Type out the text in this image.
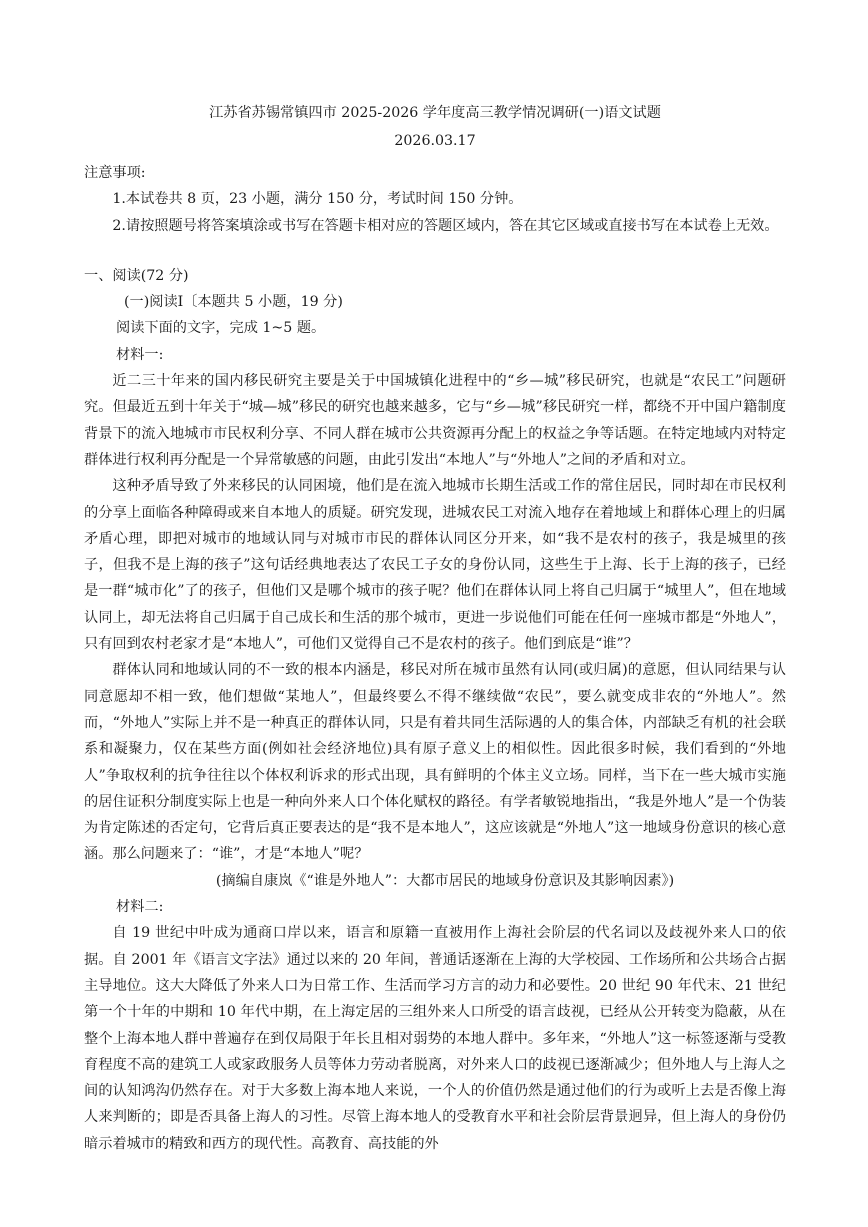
江苏省苏锡常镇四市 2025-2026 学年度高三教学情况调研(一)语文试题

2026.03.17

注意事项:

1.本试卷共 8 页，23 小题，满分 150 分，考试时间 150 分钟。

2.请按照题号将答案填涂或书写在答题卡相对应的答题区域内，答在其它区域或直接书写在本试卷上无效。

一、阅读(72 分)

(一)阅读Ⅰ〔本题共 5 小题，19 分)

阅读下面的文字，完成 1~5 题。

材料一:

近二三十年来的国内移民研究主要是关于中国城镇化进程中的“乡—城”移民研究，也就是“农民工”问题研究。但最近五到十年关于“城—城”移民的研究也越来越多，它与“乡—城”移民研究一样，都绕不开中国户籍制度背景下的流入地城市市民权利分享、不同人群在城市公共资源再分配上的权益之争等话题。在特定地域内对特定群体进行权利再分配是一个异常敏感的问题，由此引发出“本地人”与“外地人”之间的矛盾和对立。

这种矛盾导致了外来移民的认同困境，他们是在流入地城市长期生活或工作的常住居民，同时却在市民权利的分享上面临各种障碍或来自本地人的质疑。研究发现，进城农民工对流入地存在着地域上和群体心理上的归属矛盾心理，即把对城市的地域认同与对城市市民的群体认同区分开来，如“我不是农村的孩子，我是城里的孩子，但我不是上海的孩子”这句话经典地表达了农民工子女的身份认同，这些生于上海、长于上海的孩子，已经是一群“城市化”了的孩子，但他们又是哪个城市的孩子呢？他们在群体认同上将自己归属于“城里人”，但在地域认同上，却无法将自己归属于自己成长和生活的那个城市，更进一步说他们可能在任何一座城市都是“外地人”，只有回到农村老家才是“本地人”，可他们又觉得自己不是农村的孩子。他们到底是“谁”？

群体认同和地域认同的不一致的根本内涵是，移民对所在城市虽然有认同(或归属)的意愿，但认同结果与认同意愿却不相一致，他们想做“某地人”，但最终要么不得不继续做“农民”，要么就变成非农的“外地人”。然而，“外地人”实际上并不是一种真正的群体认同，只是有着共同生活际遇的人的集合体，内部缺乏有机的社会联系和凝聚力，仅在某些方面(例如社会经济地位)具有原子意义上的相似性。因此很多时候，我们看到的“外地人”争取权利的抗争往往以个体权利诉求的形式出现，具有鲜明的个体主义立场。同样，当下在一些大城市实施的居住证积分制度实际上也是一种向外来人口个体化赋权的路径。有学者敏锐地指出，“我是外地人”是一个伪装为肯定陈述的否定句，它背后真正要表达的是“我不是本地人”，这应该就是“外地人”这一地域身份意识的核心意涵。那么问题来了：“谁”，才是“本地人”呢？

(摘编自康岚《“谁是外地人”：大都市居民的地域身份意识及其影响因素》)

材料二:

自 19 世纪中叶成为通商口岸以来，语言和原籍一直被用作上海社会阶层的代名词以及歧视外来人口的依据。自 2001 年《语言文字法》通过以来的 20 年间，普通话逐渐在上海的大学校园、工作场所和公共场合占据主导地位。这大大降低了外来人口为日常工作、生活而学习方言的动力和必要性。20 世纪 90 年代末、21 世纪第一个十年的中期和 10 年代中期，在上海定居的三组外来人口所受的语言歧视，已经从公开转变为隐蔽，从在整个上海本地人群中普遍存在到仅局限于年长且相对弱势的本地人群中。多年来，“外地人”这一标签逐渐与受教育程度不高的建筑工人或家政服务人员等体力劳动者脱离，对外来人口的歧视已逐渐减少；但外地人与上海人之间的认知鸿沟仍然存在。对于大多数上海本地人来说，一个人的价值仍然是通过他们的行为或听上去是否像上海人来判断的；即是否具备上海人的习性。尽管上海本地人的受教育水平和社会阶层背景迥异，但上海人的身份仍暗示着城市的精致和西方的现代性。高教育、高技能的外
